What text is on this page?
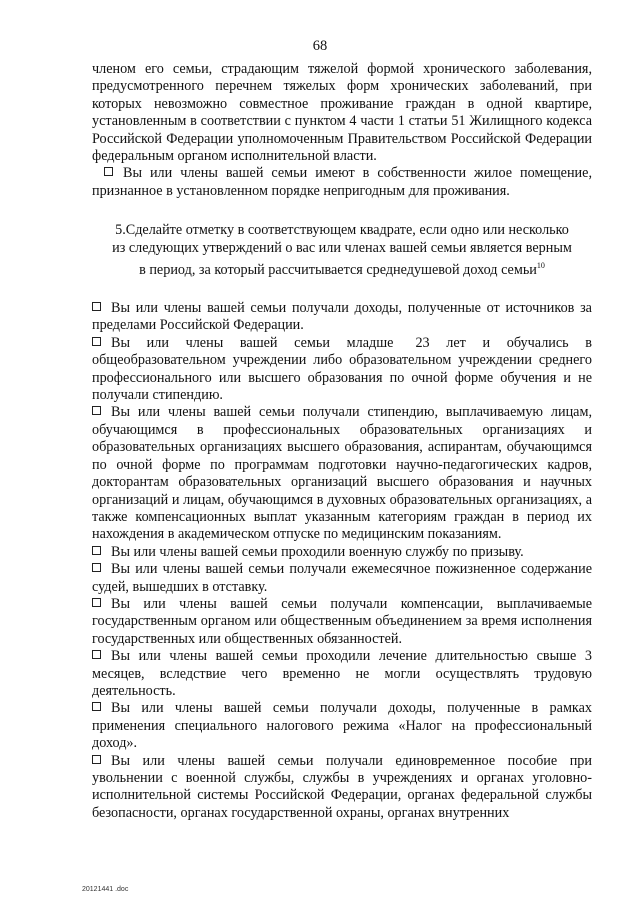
68

членом его семьи, страдающим тяжелой формой хронического заболевания, предусмотренного перечнем тяжелых форм хронических заболеваний, при которых невозможно совместное проживание граждан в одной квартире, установленным в соответствии с пунктом 4 части 1 статьи 51 Жилищного кодекса Российской Федерации уполномоченным Правительством Российской Федерации федеральным органом исполнительной власти.

Вы или члены вашей семьи имеют в собственности жилое помещение, признанное в установленном порядке непригодным для проживания.

5.Сделайте отметку в соответствующем квадрате, если одно или несколько из следующих утверждений о вас или членах вашей семьи является верным в период, за который рассчитывается среднедушевой доход семьи$^{10}$

Вы или члены вашей семьи получали доходы, полученные от источников за пределами Российской Федерации.

Вы или члены вашей семьи младше 23 лет и обучались в общеобразовательном учреждении либо образовательном учреждении среднего профессионального или высшего образования по очной форме обучения и не получали стипендию.

Вы или члены вашей семьи получали стипендию, выплачиваемую лицам, обучающимся в профессиональных образовательных организациях и образовательных организациях высшего образования, аспирантам, обучающимся по очной форме по программам подготовки научно-педагогических кадров, докторантам образовательных организаций высшего образования и научных организаций и лицам, обучающимся в духовных образовательных организациях, а также компенсационных выплат указанным категориям граждан в период их нахождения в академическом отпуске по медицинским показаниям.

Вы или члены вашей семьи проходили военную службу по призыву.

Вы или члены вашей семьи получали ежемесячное пожизненное содержание судей, вышедших в отставку.

Вы или члены вашей семьи получали компенсации, выплачиваемые государственным органом или общественным объединением за время исполнения государственных или общественных обязанностей.

Вы или члены вашей семьи проходили лечение длительностью свыше 3 месяцев, вследствие чего временно не могли осуществлять трудовую деятельность.

Вы или члены вашей семьи получали доходы, полученные в рамках применения специального налогового режима «Налог на профессиональный доход».

Вы или члены вашей семьи получали единовременное пособие при увольнении с военной службы, службы в учреждениях и органах уголовно-исполнительной системы Российской Федерации, органах федеральной службы безопасности, органах государственной охраны, органах внутренних

20121441 .doc
